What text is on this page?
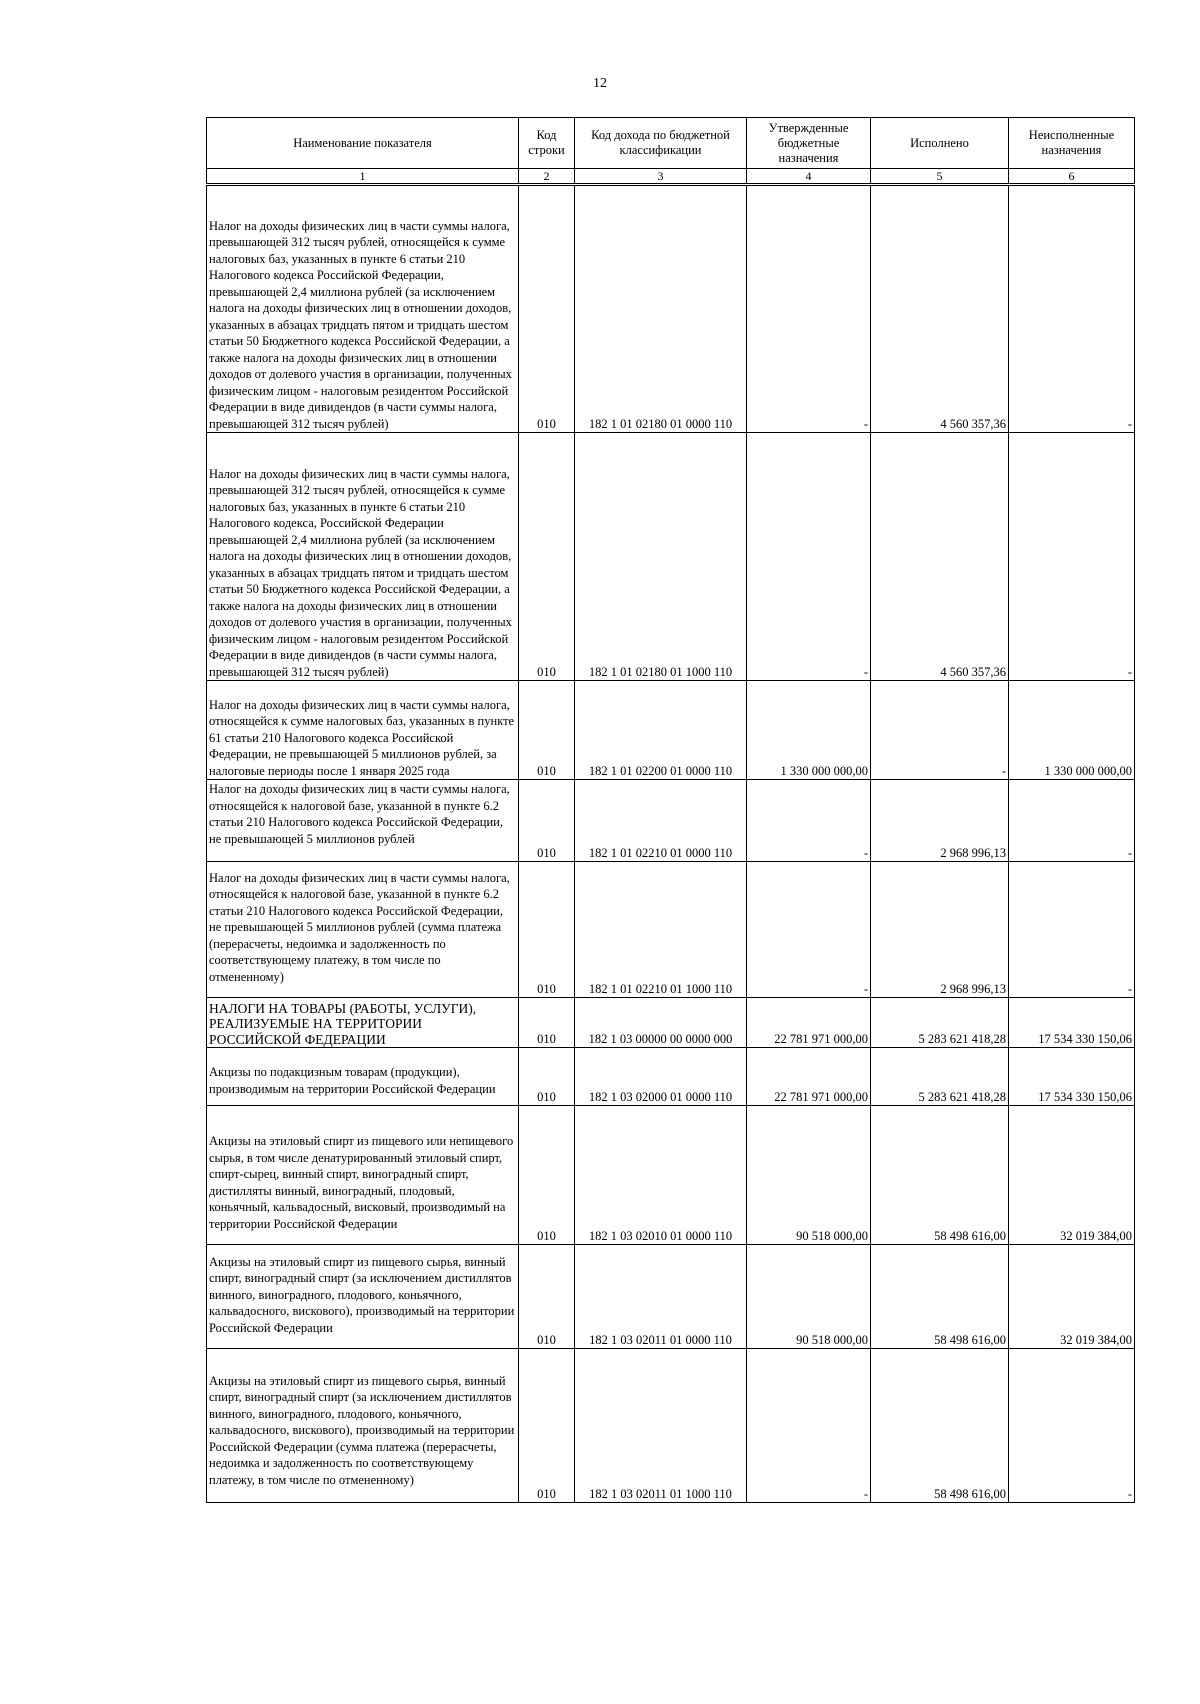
12
Наименование показателя	Код строки	Код дохода по бюджетной классификации	Утвержденные бюджетные назначения	Исполнено	Неисполненные назначения
1	2	3	4	5	6
Налог на доходы физических лиц в части суммы налога, превышающей 312 тысяч рублей, относящейся к сумме налоговых баз, указанных в пункте 6 статьи 210 Налогового кодекса Российской Федерации, превышающей 2,4 миллиона рублей (за исключением налога на доходы физических лиц в отношении доходов, указанных в абзацах тридцать пятом и тридцать шестом статьи 50 Бюджетного кодекса Российской Федерации, а также налога на доходы физических лиц в отношении доходов от долевого участия в организации, полученных физическим лицом - налоговым резидентом Российской Федерации в виде дивидендов (в части суммы налога, превышающей 312 тысяч рублей)	010	182 1 01 02180 01 0000 110	-	4 560 357,36	-
Налог на доходы физических лиц в части суммы налога, превышающей 312 тысяч рублей, относящейся к сумме налоговых баз, указанных в пункте 6 статьи 210 Налогового кодекса, Российской Федерации превышающей 2,4 миллиона рублей (за исключением налога на доходы физических лиц в отношении доходов, указанных в абзацах тридцать пятом и тридцать шестом статьи 50 Бюджетного кодекса Российской Федерации, а также налога на доходы физических лиц в отношении доходов от долевого участия в организации, полученных физическим лицом - налоговым резидентом Российской Федерации в виде дивидендов (в части суммы налога, превышающей 312 тысяч рублей)	010	182 1 01 02180 01 1000 110	-	4 560 357,36	-
Налог на доходы физических лиц в части суммы налога, относящейся к сумме налоговых баз, указанных в пункте 61 статьи 210 Налогового кодекса Российской Федерации, не превышающей 5 миллионов рублей, за налоговые периоды после 1 января 2025 года	010	182 1 01 02200 01 0000 110	1 330 000 000,00	-	1 330 000 000,00
Налог на доходы физических лиц в части суммы налога, относящейся к налоговой базе, указанной в пункте 6.2 статьи 210 Налогового кодекса Российской Федерации, не превышающей 5 миллионов рублей	010	182 1 01 02210 01 0000 110	-	2 968 996,13	-
Налог на доходы физических лиц в части суммы налога, относящейся к налоговой базе, указанной в пункте 6.2 статьи 210 Налогового кодекса Российской Федерации, не превышающей 5 миллионов рублей (сумма платежа (перерасчеты, недоимка и задолженность по соответствующему платежу, в том числе по отмененному)	010	182 1 01 02210 01 1000 110	-	2 968 996,13	-
НАЛОГИ НА ТОВАРЫ (РАБОТЫ, УСЛУГИ), РЕАЛИЗУЕМЫЕ НА ТЕРРИТОРИИ РОССИЙСКОЙ ФЕДЕРАЦИИ	010	182 1 03 00000 00 0000 000	22 781 971 000,00	5 283 621 418,28	17 534 330 150,06
Акцизы по подакцизным товарам (продукции), производимым на территории Российской Федерации	010	182 1 03 02000 01 0000 110	22 781 971 000,00	5 283 621 418,28	17 534 330 150,06
Акцизы на этиловый спирт из пищевого или непищевого сырья, в том числе денатурированный этиловый спирт, спирт-сырец, винный спирт, виноградный спирт, дистилляты винный, виноградный, плодовый, коньячный, кальвадосный, висковый, производимый на территории Российской Федерации	010	182 1 03 02010 01 0000 110	90 518 000,00	58 498 616,00	32 019 384,00
Акцизы на этиловый спирт из пищевого сырья, винный спирт, виноградный спирт (за исключением дистиллятов винного, виноградного, плодового, коньячного, кальвадосного, вискового), производимый на территории Российской Федерации	010	182 1 03 02011 01 0000 110	90 518 000,00	58 498 616,00	32 019 384,00
Акцизы на этиловый спирт из пищевого сырья, винный спирт, виноградный спирт (за исключением дистиллятов винного, виноградного, плодового, коньячного, кальвадосного, вискового), производимый на территории Российской Федерации (сумма платежа (перерасчеты, недоимка и задолженность по соответствующему платежу, в том числе по отмененному)	010	182 1 03 02011 01 1000 110	-	58 498 616,00	-
